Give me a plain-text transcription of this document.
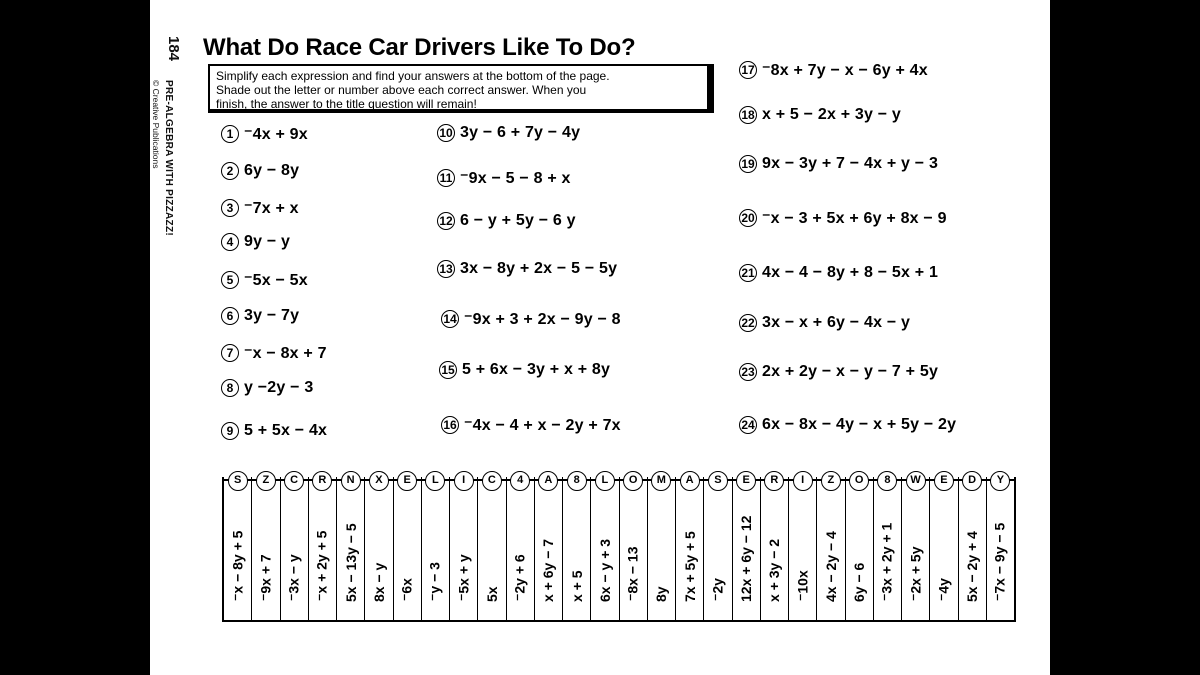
184
PRE-ALGEBRA WITH PIZZAZZ!
© Creative Publications
What Do Race Car Drivers Like To Do?
Simplify each expression and find your answers at the bottom of the page.
Shade out the letter or number above each correct answer. When you
finish, the answer to the title question will remain!
1 ⁻4x + 9x
2 6y − 8y
3 ⁻7x + x
4 9y − y
5 ⁻5x − 5x
6 3y − 7y
7 ⁻x − 8x + 7
8 y −2y − 3
9 5 + 5x − 4x
10 3y − 6 + 7y − 4y
11 ⁻9x − 5 − 8 + x
12 6 − y + 5y − 6 y
13 3x − 8y + 2x − 5 − 5y
14 ⁻9x + 3 + 2x − 9y − 8
15 5 + 6x − 3y + x + 8y
16 ⁻4x − 4 + x − 2y + 7x
17 ⁻8x + 7y − x − 6y + 4x
18 x + 5 − 2x + 3y − y
19 9x − 3y + 7 − 4x + y − 3
20 ⁻x − 3 + 5x + 6y + 8x − 9
21 4x − 4 − 8y + 8 − 5x + 1
22 3x − x + 6y − 4x − y
23 2x + 2y − x − y − 7 + 5y
24 6x − 8x − 4y − x + 5y − 2y
S
⁻x − 8y + 5
Z
⁻9x + 7
C
⁻3x − y
R
⁻x + 2y + 5
N
5x − 13y − 5
X
8x − y
E
⁻6x
L
⁻y − 3
I
⁻5x + y
C
5x
4
⁻2y + 6
A
x + 6y − 7
8
x + 5
L
6x − y + 3
O
⁻8x − 13
M
8y
A
7x + 5y + 5
S
⁻2y
E
12x + 6y − 12
R
x + 3y − 2
I
⁻10x
Z
4x − 2y − 4
O
6y − 6
8
⁻3x + 2y + 1
W
⁻2x + 5y
E
⁻4y
D
5x − 2y + 4
Y
⁻7x − 9y − 5
